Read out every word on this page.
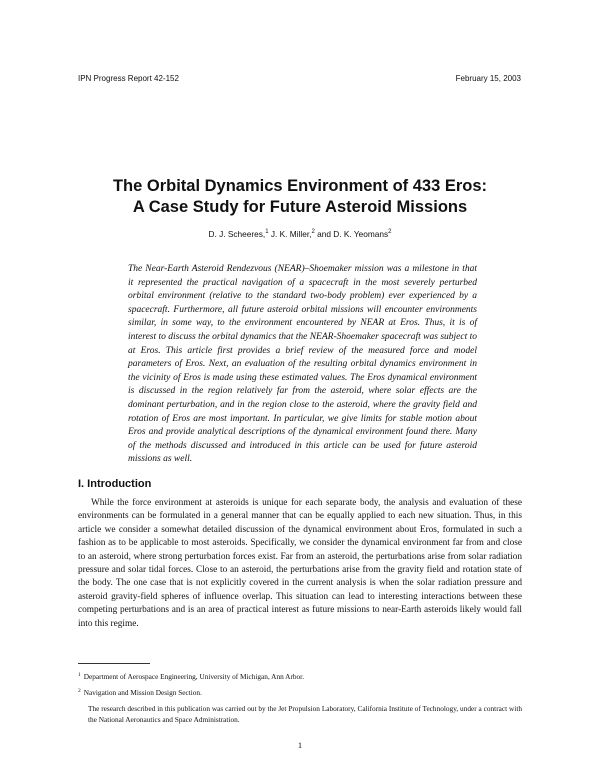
IPN Progress Report 42-152	February 15, 2003
The Orbital Dynamics Environment of 433 Eros:
A Case Study for Future Asteroid Missions
D. J. Scheeres,$^1$ J. K. Miller,$^2$ and D. K. Yeomans$^2$
The Near-Earth Asteroid Rendezvous (NEAR)–Shoemaker mission was a milestone in that it represented the practical navigation of a spacecraft in the most severely perturbed orbital environment (relative to the standard two-body problem) ever experienced by a spacecraft. Furthermore, all future asteroid orbital missions will encounter environments similar, in some way, to the environment encountered by NEAR at Eros. Thus, it is of interest to discuss the orbital dynamics that the NEAR-Shoemaker spacecraft was subject to at Eros. This article first provides a brief review of the measured force and model parameters of Eros. Next, an evaluation of the resulting orbital dynamics environment in the vicinity of Eros is made using these estimated values. The Eros dynamical environment is discussed in the region relatively far from the asteroid, where solar effects are the dominant perturbation, and in the region close to the asteroid, where the gravity field and rotation of Eros are most important. In particular, we give limits for stable motion about Eros and provide analytical descriptions of the dynamical environment found there. Many of the methods discussed and introduced in this article can be used for future asteroid missions as well.
I. Introduction

While the force environment at asteroids is unique for each separate body, the analysis and evaluation of these environments can be formulated in a general manner that can be equally applied to each new situation. Thus, in this article we consider a somewhat detailed discussion of the dynamical environment about Eros, formulated in such a fashion as to be applicable to most asteroids. Specifically, we consider the dynamical environment far from and close to an asteroid, where strong perturbation forces exist. Far from an asteroid, the perturbations arise from solar radiation pressure and solar tidal forces. Close to an asteroid, the perturbations arise from the gravity field and rotation state of the body. The one case that is not explicitly covered in the current analysis is when the solar radiation pressure and asteroid gravity-field spheres of influence overlap. This situation can lead to interesting interactions between these competing perturbations and is an area of practical interest as future missions to near-Earth asteroids likely would fall into this regime.

$^1$ Department of Aerospace Engineering, University of Michigan, Ann Arbor.
$^2$ Navigation and Mission Design Section.
The research described in this publication was carried out by the Jet Propulsion Laboratory, California Institute of Technology, under a contract with the National Aeronautics and Space Administration.
1
